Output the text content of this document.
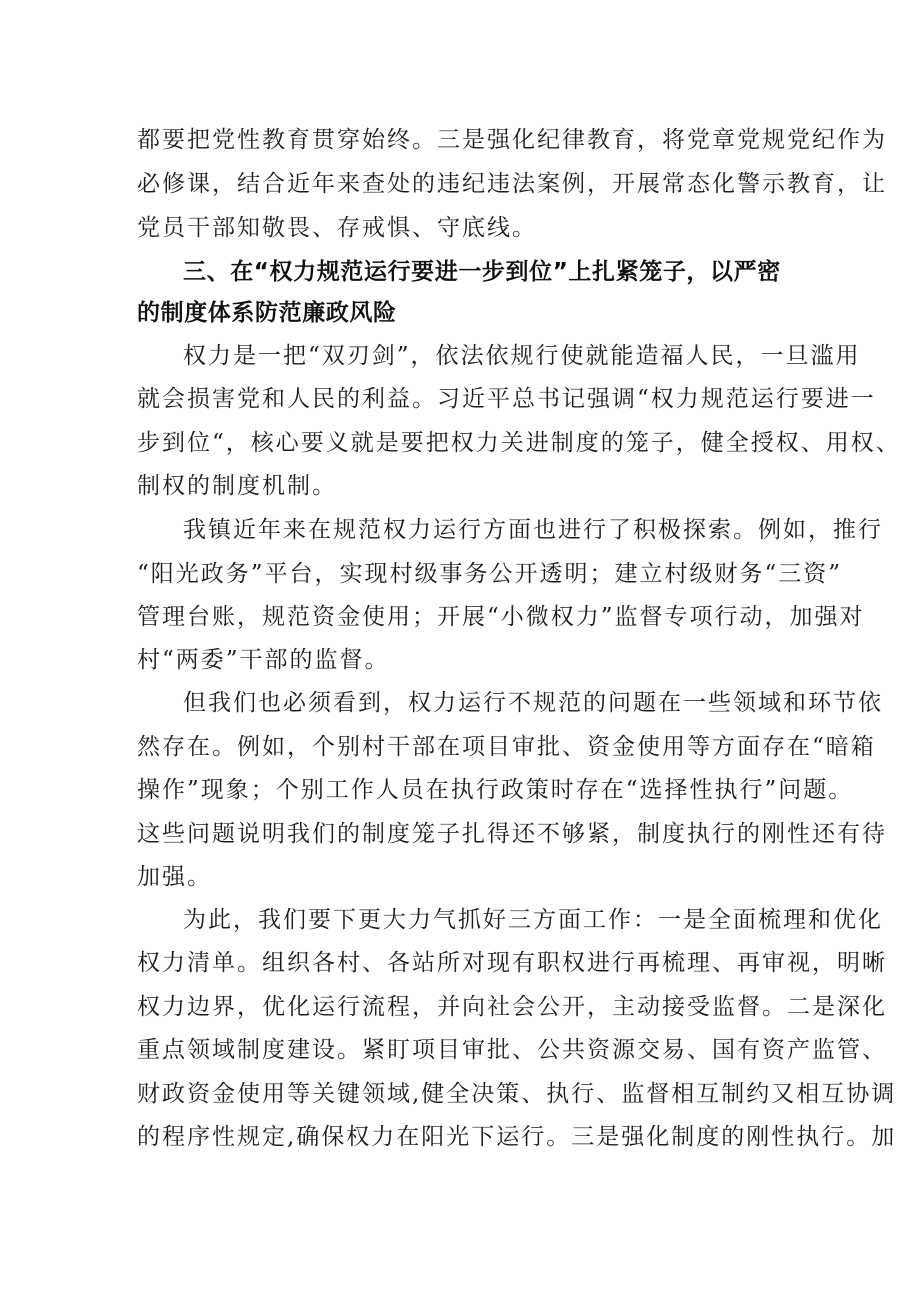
都要把党性教育贯穿始终。三是强化纪律教育，将党章党规党纪作为

必修课，结合近年来查处的违纪违法案例，开展常态化警示教育，让

党员干部知敬畏、存戒惧、守底线。

三、在“权力规范运行要进一步到位”上扎紧笼子，以严密
的制度体系防范廉政风险

权力是一把“双刃剑”，依法依规行使就能造福人民，一旦滥用

就会损害党和人民的利益。习近平总书记强调“权力规范运行要进一

步到位“，核心要义就是要把权力关进制度的笼子，健全授权、用权、

制权的制度机制。

我镇近年来在规范权力运行方面也进行了积极探索。例如，推行

“阳光政务”平台，实现村级事务公开透明；建立村级财务“三资”

管理台账，规范资金使用；开展“小微权力”监督专项行动，加强对

村“两委”干部的监督。

但我们也必须看到，权力运行不规范的问题在一些领域和环节依

然存在。例如，个别村干部在项目审批、资金使用等方面存在“暗箱

操作”现象；个别工作人员在执行政策时存在“选择性执行”问题。

这些问题说明我们的制度笼子扎得还不够紧，制度执行的刚性还有待

加强。

为此，我们要下更大力气抓好三方面工作：一是全面梳理和优化

权力清单。组织各村、各站所对现有职权进行再梳理、再审视，明晰

权力边界，优化运行流程，并向社会公开，主动接受监督。二是深化

重点领域制度建设。紧盯项目审批、公共资源交易、国有资产监管、

财政资金使用等关键领域,健全决策、执行、监督相互制约又相互协调

的程序性规定,确保权力在阳光下运行。三是强化制度的刚性执行。加
